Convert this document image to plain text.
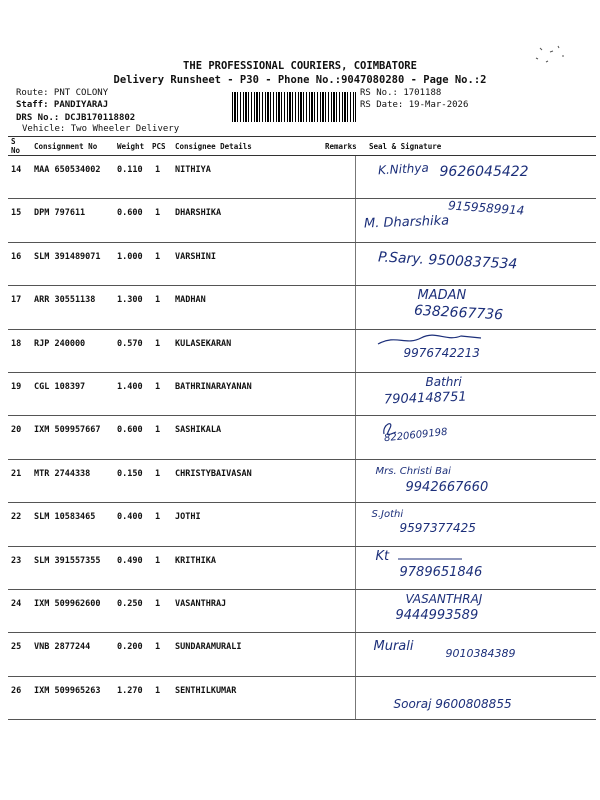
THE PROFESSIONAL COURIERS, COIMBATORE
Delivery Runsheet - P30 - Phone No.:9047080280 - Page No.:2
Route: PNT COLONY
Staff: PANDIYARAJ
DRS No.: DCJB170118802
Vehicle: Two Wheeler Delivery
RS No.: 1701188
RS Date: 19-Mar-2026
S No	Consignment No	Weight	PCS	Consignee Details	Remarks	Seal & Signature
14	MAA 650534002	0.110	1	NITHIYA		K.Nithya 9626045422

15	DPM 797611	0.600	1	DHARSHIKA		9159589914
M. Dharshika

16	SLM 391489071	1.000	1	VARSHINI		P.Sary. 9500837534

17	ARR 30551138	1.300	1	MADHAN		MADAN
6382667736

18	RJP 240000	0.570	1	KULASEKARAN		9976742213

19	CGL 108397	1.400	1	BATHRINARAYANAN		Bathri
7904148751

20	IXM 509957667	0.600	1	SASHIKALA		8220609198

21	MTR 2744338	0.150	1	CHRISTYBAIVASAN		Mrs. Christi Bai
9942667660

22	SLM 10583465	0.400	1	JOTHI		S.Jothi
9597377425

23	SLM 391557355	0.490	1	KRITHIKA		Kt
9789651846

24	IXM 509962600	0.250	1	VASANTHRAJ		VASANTHRAJ
9444993589

25	VNB 2877244	0.200	1	SUNDARAMURALI		Murali 9010384389

26	IXM 509965263	1.270	1	SENTHILKUMAR		Sooraj 9600808855
